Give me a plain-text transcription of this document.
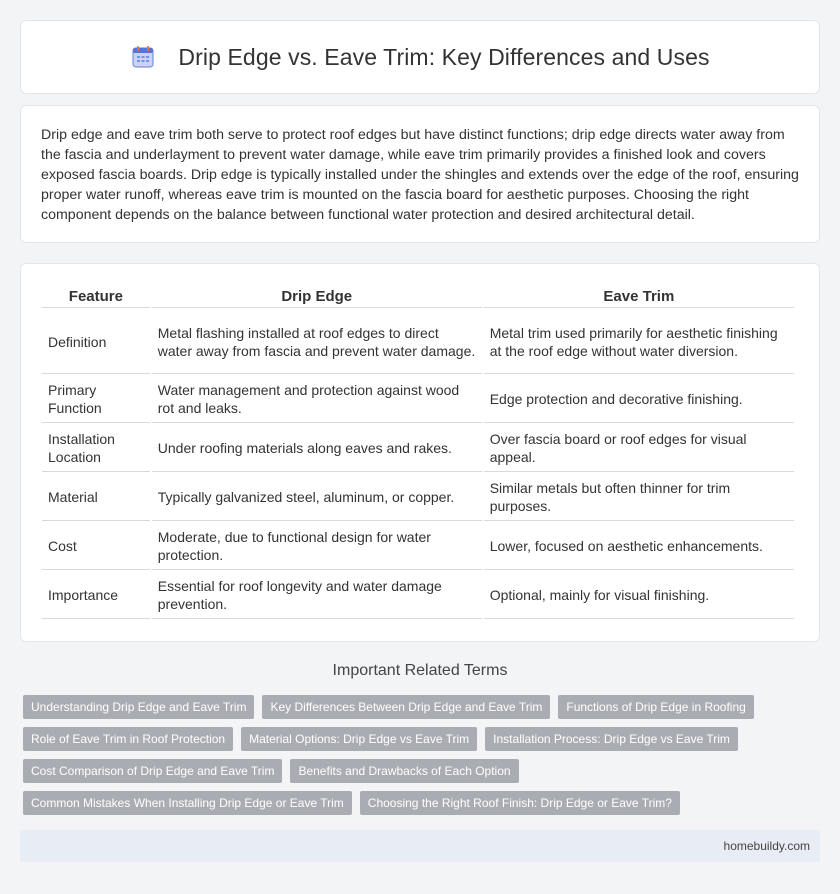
Drip Edge vs. Eave Trim: Key Differences and Uses

Drip edge and eave trim both serve to protect roof edges but have distinct functions; drip edge directs water away from the fascia and underlayment to prevent water damage, while eave trim primarily provides a finished look and covers exposed fascia boards. Drip edge is typically installed under the shingles and extends over the edge of the roof, ensuring proper water runoff, whereas eave trim is mounted on the fascia board for aesthetic purposes. Choosing the right component depends on the balance between functional water protection and desired architectural detail.

Feature	Drip Edge	Eave Trim
Definition	Metal flashing installed at roof edges to direct water away from fascia and prevent water damage.	Metal trim used primarily for aesthetic finishing at the roof edge without water diversion.
Primary Function	Water management and protection against wood rot and leaks.	Edge protection and decorative finishing.
Installation Location	Under roofing materials along eaves and rakes.	Over fascia board or roof edges for visual appeal.
Material	Typically galvanized steel, aluminum, or copper.	Similar metals but often thinner for trim purposes.
Cost	Moderate, due to functional design for water protection.	Lower, focused on aesthetic enhancements.
Importance	Essential for roof longevity and water damage prevention.	Optional, mainly for visual finishing.
Important Related Terms
Understanding Drip Edge and Eave Trim	Key Differences Between Drip Edge and Eave Trim	Functions of Drip Edge in Roofing
Role of Eave Trim in Roof Protection	Material Options: Drip Edge vs Eave Trim	Installation Process: Drip Edge vs Eave Trim
Cost Comparison of Drip Edge and Eave Trim	Benefits and Drawbacks of Each Option
Common Mistakes When Installing Drip Edge or Eave Trim	Choosing the Right Roof Finish: Drip Edge or Eave Trim?
homebuildy.com
